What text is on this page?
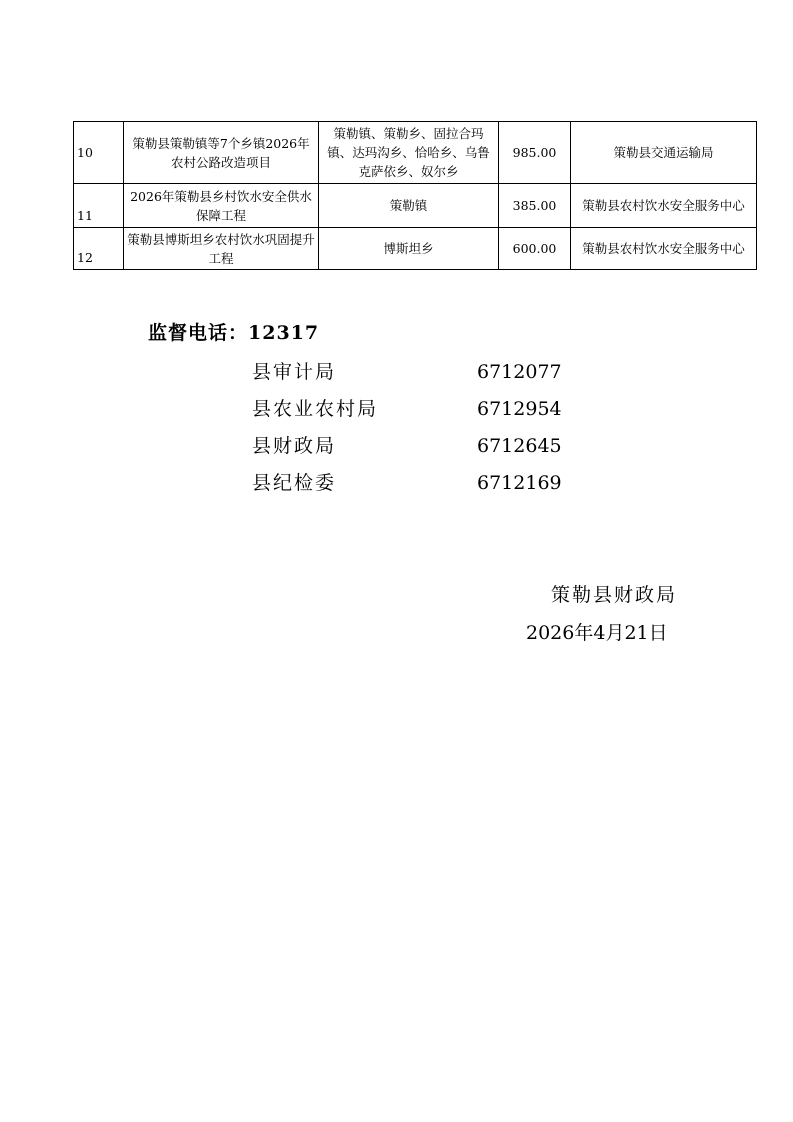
10	策勒县策勒镇等7个乡镇2026年农村公路改造项目	策勒镇、策勒乡、固拉合玛镇、达玛沟乡、恰哈乡、乌鲁克萨依乡、奴尔乡	985.00	策勒县交通运输局
11	2026年策勒县乡村饮水安全供水保障工程	策勒镇	385.00	策勒县农村饮水安全服务中心
12	策勒县博斯坦乡农村饮水巩固提升工程	博斯坦乡	600.00	策勒县农村饮水安全服务中心
监督电话：12317
县审计局	6712077
县农业农村局	6712954
县财政局	6712645
县纪检委	6712169
策勒县财政局
2026年4月21日
